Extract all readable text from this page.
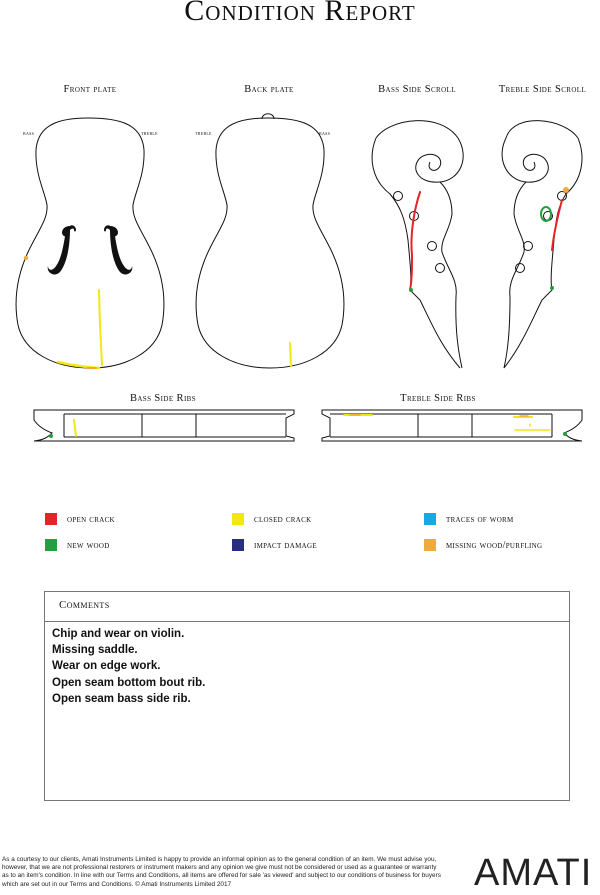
Condition Report
Front plate	Back plate	Bass Side Scroll	Treble Side Scroll
Bass Side Ribs	Treble Side Ribs
bass	treble	treble	bass
open crack	closed crack	traces of worm
new wood	impact damage	missing wood/purfling
Comments
Chip and wear on violin.
Missing saddle.
Wear on edge work.
Open seam bottom bout rib.
Open seam bass side rib.
As a courtesy to our clients, Amati Instruments Limited is happy to provide an informal opinion as to the general condition of an item. We must advise you, however, that we are not professional restorers or instrument makers and any opinion we give must not be considered or used as a guarantee or warranty as to an item's condition. In line with our Terms and Conditions, all items are offered for sale 'as viewed' and subject to our conditions of business for buyers which are set out in our Terms and Conditions. © Amati Instruments Limited 2017	AMATI
